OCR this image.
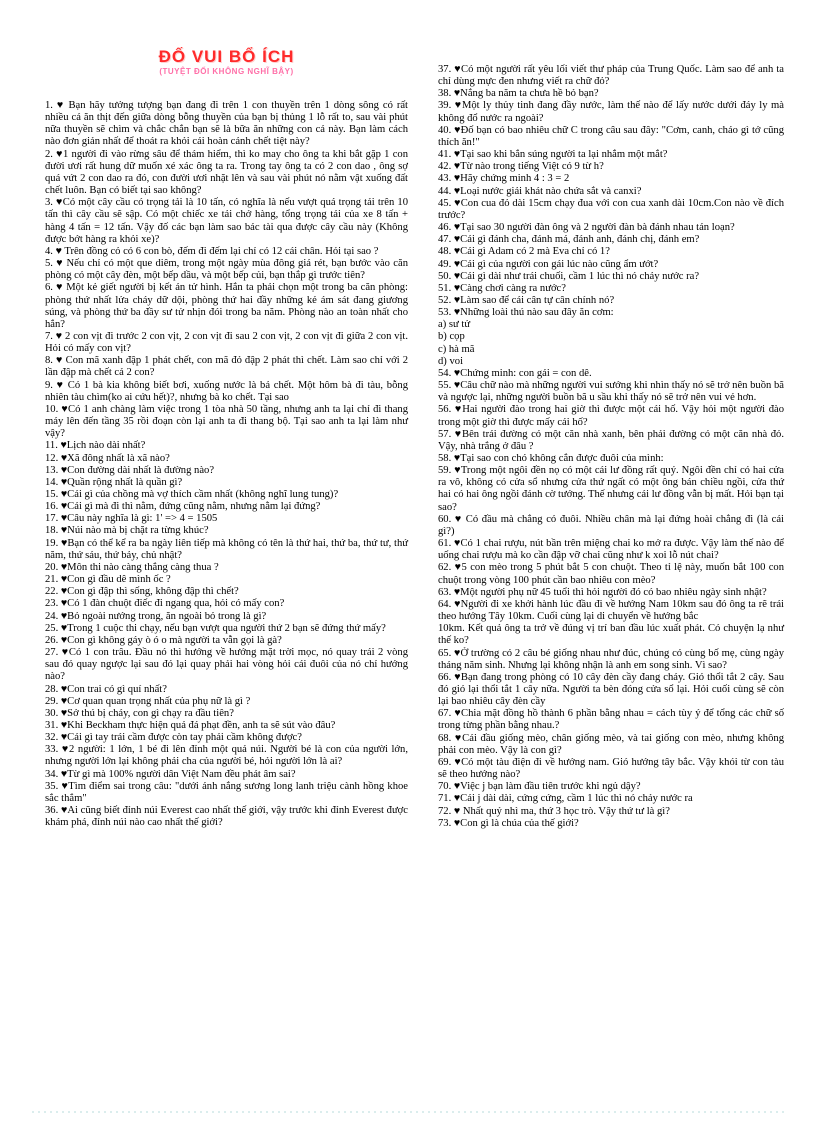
ĐỐ VUI BỔ ÍCH
(TUYỆT ĐỐI KHÔNG NGHĨ BẬY)

1. ♥ Bạn hãy tưởng tượng bạn đang đi trên 1 con thuyền trên 1 dòng sông có rất nhiều cá ăn thịt đến giữa dòng bỗng thuyền của bạn bị thủng 1 lỗ rất to, sau vài phút nữa thuyền sẽ chìm và chắc chắn bạn sẽ là bữa ăn những con cá này. Bạn làm cách nào đơn giản nhất để thoát ra khỏi cái hoàn cảnh chết tiệt này?

2. ♥1 người đi vào rừng sâu để thám hiểm, thì ko may cho ông ta khi bắt gặp 1 con đười ươi rất hung dữ muốn xé xác ông ta ra. Trong tay ông ta có 2 con dao , ông sợ quá vứt 2 con dao ra đó, con đười ươi nhặt lên và sau vài phút nó nằm vật xuống đất chết luôn. Bạn có biết tại sao không?

3. ♥Có một cây cầu có trọng tải là 10 tấn, có nghĩa là nếu vượt quá trọng tải trên 10 tấn thì cây cầu sẽ sập. Có một chiếc xe tải chở hàng, tổng trọng tải của xe 8 tấn + hàng 4 tấn = 12 tấn. Vậy đố các bạn làm sao bác tài qua được cây cầu này (Không được bớt hàng ra khỏi xe)?

4. ♥ Trên đồng cỏ có 6 con bò, đếm đi đếm lại chỉ có 12 cái chân. Hỏi tại sao ?

5. ♥ Nếu chỉ có một que diêm, trong một ngày mùa đông giá rét, bạn bước vào căn phòng có một cây đèn, một bếp dầu, và một bếp củi, bạn thắp gì trước tiên?

6. ♥ Một kẻ giết người bị kết án tử hình. Hắn ta phải chọn một trong ba căn phòng: phòng thứ nhất lửa cháy dữ dội, phòng thứ hai đầy những kẻ ám sát đang giương súng, và phòng thứ ba đầy sư tử nhịn đói trong ba năm. Phòng nào an toàn nhất cho hắn?

7. ♥ 2 con vịt đi trước 2 con vịt, 2 con vịt đi sau 2 con vịt, 2 con vịt đi giữa 2 con vịt. Hỏi có mấy con vịt?

8. ♥ Con mã xanh đập 1 phát chết, con mã đỏ đập 2 phát thì chết. Làm sao chỉ với 2 lần đập mà chết cả 2 con?

9. ♥ Có 1 bà kia không biết bơi, xuống nước là bả chết. Một hôm bà đi tàu, bỗng nhiên tàu chìm(ko ai cứu hết)?, nhưng bà ko chết. Tại sao

10. ♥Có 1 anh chàng làm việc trong 1 tòa nhà 50 tầng, nhưng anh ta lại chỉ đi thang máy lên đến tầng 35 rồi đoạn còn lại anh ta đi thang bộ. Tại sao anh ta lại làm như vậy?

11. ♥Lịch nào dài nhất?

12. ♥Xã đông nhất là xã nào?

13. ♥Con đường dài nhất là đường nào?

14. ♥Quần rộng nhất là quần gì?

15. ♥Cái gì của chồng mà vợ thích cầm nhất (không nghĩ lung tung)?

16. ♥Cái gì mà đi thì nằm, đứng cũng nằm, nhưng nằm lại đứng?

17. ♥Câu này nghĩa là gì: 1' => 4 = 1505

18. ♥Núi nào mà bị chặt ra từng khúc?

19. ♥Bạn có thể kể ra ba ngày liên tiếp mà không có tên là thứ hai, thứ ba, thứ tư, thứ năm, thứ sáu, thứ bảy, chủ nhật?

20. ♥Môn thi nào càng thắng càng thua ?

21. ♥Con gì đầu dê mình ốc ?

22. ♥Con gì đập thì sống, không đập thì chết?

23. ♥Có 1 đàn chuột điếc đi ngang qua, hỏi có mấy con?

24. ♥Bỏ ngoài nướng trong, ăn ngoài bỏ trong là gì?

25. ♥Trong 1 cuộc thi chạy, nếu bạn vượt qua người thứ 2 bạn sẽ đứng thứ mấy?

26. ♥Con gì không gáy ò ó o mà người ta vẫn gọi là gà?

27. ♥Có 1 con trâu. Đầu nó thì hướng về hướng mặt trời mọc, nó quay trái 2 vòng sau đó quay ngược lại sau đó lại quay phải hai vòng hỏi cái đuôi của nó chỉ hướng nào?

28. ♥Con trai có gì quí nhất?

29. ♥Cơ quan quan trọng nhất của phụ nữ là gì ?

30. ♥Sở thú bị cháy, con gì chạy ra đầu tiên?

31. ♥Khi Beckham thực hiện quả đá phạt đền, anh ta sẽ sút vào đâu?

32. ♥Cái gì tay trái cầm được còn tay phải cầm không được?

33. ♥2 người: 1 lớn, 1 bé đi lên đỉnh một quả núi. Người bé là con của người lớn, nhưng người lớn lại không phải cha của người bé, hỏi người lớn là ai?

34. ♥Từ gì mà 100% người dân Việt Nam đều phát âm sai?

35. ♥Tìm điểm sai trong câu: "dưới ánh nắng sương long lanh triệu cành hồng khoe sắc thắm"

36. ♥Ai cũng biết đỉnh núi Everest cao nhất thế giới, vậy trước khi đỉnh Everest được khám phá, đỉnh núi nào cao nhất thế giới?

37. ♥Có một người rất yêu lối viết thư pháp của Trung Quốc. Làm sao để anh ta chỉ dùng mực đen nhưng viết ra chữ đỏ?

38. ♥Nắng ba năm ta chưa hề bỏ bạn?

39. ♥Một ly thủy tinh đang đầy nước, làm thế nào để lấy nước dưới đáy ly mà không đổ nước ra ngoài?

40. ♥Đố bạn có bao nhiêu chữ C trong câu sau đây: "Cơm, canh, cháo gì tớ cũng thích ăn!"

41. ♥Tại sao khi bắn súng người ta lại nhắm một mắt?

42. ♥Từ nào trong tiếng Việt có 9 từ h?

43. ♥Hãy chứng minh 4 : 3 = 2

44. ♥Loại nước giải khát nào chứa sắt và canxi?

45. ♥Con cua đỏ dài 15cm chạy đua với con cua xanh dài 10cm.Con nào về đích trước?

46. ♥Tại sao 30 người đàn ông và 2 người đàn bà đánh nhau tán loạn?

47. ♥Cái gì đánh cha, đánh má, đánh anh, đánh chị, đánh em?

48. ♥Cái gì Adam có 2 mà Eva chỉ có 1?

49. ♥Cái gì của người con gái lúc nào cũng ẩm ướt?

50. ♥Cái gì dài như trái chuối, cầm 1 lúc thì nó chảy nước ra?

51. ♥Càng chơi càng ra nước?

52. ♥Làm sao để cái cân tự cân chính nó?

53. ♥Những loài thú nào sau đây ăn cơm:

a) sư tử

b) cọp

c) hà mã

d) voi

54. ♥Chứng minh: con gái = con dê.

55. ♥Câu chữ nào mà những người vui sướng khi nhìn thấy nó sẽ trở nên buồn bã và ngược lại, những người buồn bã u sầu khi thấy nó sẽ trở nên vui vẻ hơn.

56. ♥Hai người đào trong hai giờ thì được một cái hố. Vậy hỏi một người đào trong một giờ thì được mấy cái hố?

57. ♥Bên trái đường có một căn nhà xanh, bên phải đường có một căn nhà đỏ. Vậy, nhà trắng ở đâu ?

58. ♥Tại sao con chó không cắn được đuôi của mình:

59. ♥Trong một ngôi đền nọ có một cái lư đồng rất quý. Ngôi đền chỉ có hai cửa ra vô, không có cửa sổ nhưng cửa thứ ngất có một ông bán chiều ngồi, cửa thứ hai có hai ông ngồi đánh cờ tướng. Thế nhưng cái lư đồng vẫn bị mất. Hỏi bạn tại sao?

60. ♥ Có đầu mà chẳng có đuôi. Nhiều chân mà lại đứng hoài chẳng đi (là cái gì?)

61. ♥Có 1 chai rượu, nút bần trên miệng chai ko mở ra được. Vậy làm thế nào để uống chai rượu mà ko cần đập vỡ chai cũng như k xoi lỗ nút chai?

62. ♥5 con mèo trong 5 phút bắt 5 con chuột. Theo tỉ lệ này, muốn bắt 100 con chuột trong vòng 100 phút cần bao nhiêu con mèo?

63. ♥Một người phụ nữ 45 tuổi thì hỏi người đó có bao nhiêu ngày sinh nhật?

64. ♥Người đi xe khởi hành lúc đầu đi về hướng Nam 10km sau đó ông ta rẽ trái theo hướng Tây 10km. Cuối cùng lại di chuyển về hướng bắc

10km. Kết quả ông ta trở về đúng vị trí ban đầu lúc xuất phát. Có chuyện lạ như thế ko?

65. ♥Ở trường có 2 câu bé giống nhau như đúc, chúng có cùng bố mẹ, cùng ngày tháng năm sinh. Nhưng lại không nhận là anh em song sinh. Vì sao?

66. ♥Bạn đang trong phòng có 10 cây đèn cầy đang cháy. Gió thổi tắt 2 cây. Sau đó gió lại thổi tắt 1 cây nữa. Người ta bèn đóng cửa sổ lại. Hỏi cuối cùng sẽ còn lại bao nhiêu cây đèn cầy

67. ♥Chia mặt đồng hồ thành 6 phần bằng nhau = cách tùy ý để tổng các chữ số trong từng phần bằng nhau.?

68. ♥Cái đầu giống mèo, chân giống mèo, và tai giống con mèo, nhưng không phải con mèo. Vậy là con gì?

69. ♥Có một tàu điện đi về hướng nam. Gió hướng tây bắc. Vậy khói từ con tàu sẽ theo hướng nào?

70. ♥Việc j bạn làm đầu tiên trước khi ngủ dậy?

71. ♥Cái j dài dài, cứng cứng, cầm 1 lúc thì nó chảy nước ra

72. ♥ Nhất quỷ nhì ma, thứ 3 học trò. Vậy thứ tư là gì?

73. ♥Con gì là chúa của thế giới?
